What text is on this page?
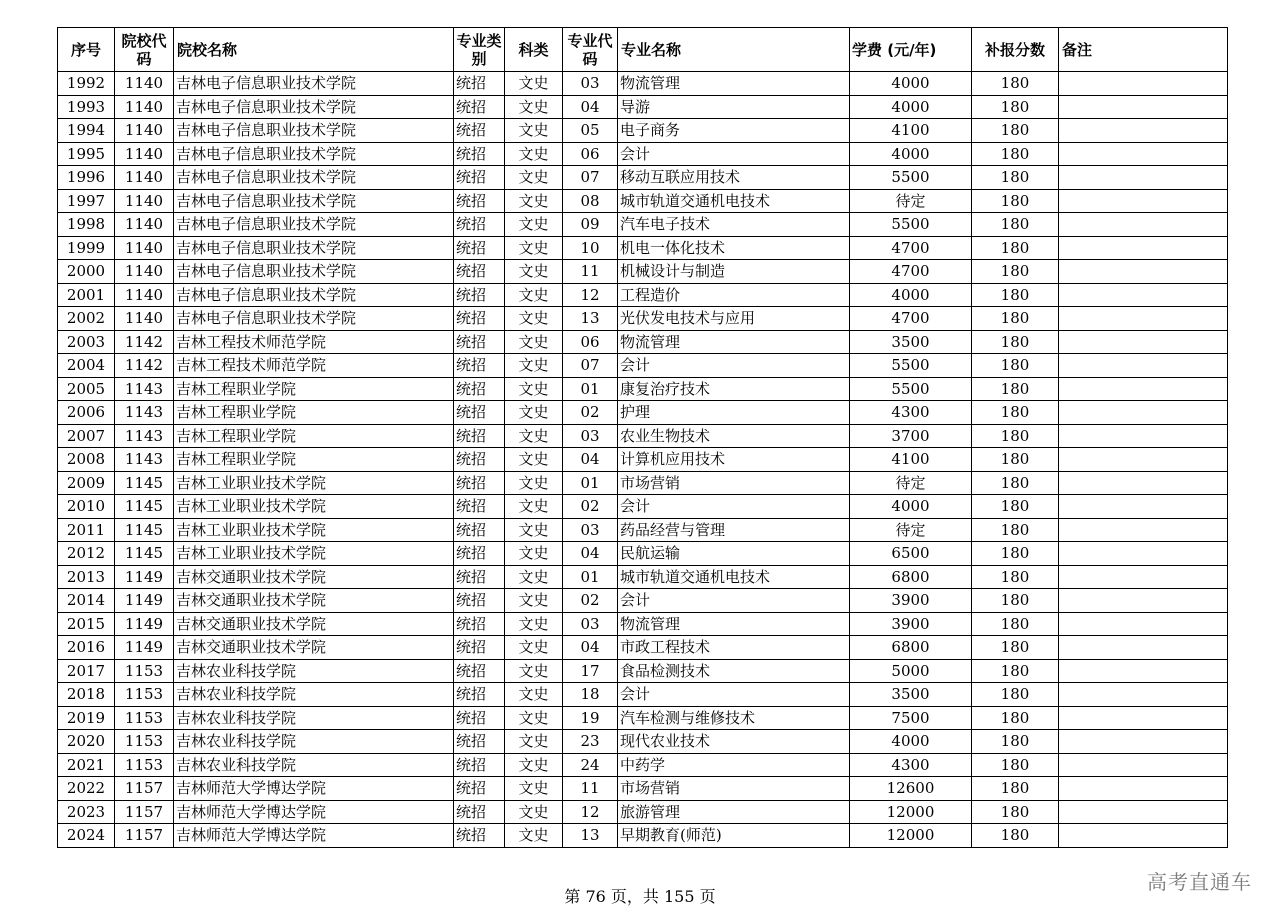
序号	院校代码	院校名称	专业类别	科类	专业代码	专业名称	学费 (元/年)	补报分数	备注
1992	1140	吉林电子信息职业技术学院	统招	文史	03	物流管理	4000	180	
1993	1140	吉林电子信息职业技术学院	统招	文史	04	导游	4000	180	
1994	1140	吉林电子信息职业技术学院	统招	文史	05	电子商务	4100	180	
1995	1140	吉林电子信息职业技术学院	统招	文史	06	会计	4000	180	
1996	1140	吉林电子信息职业技术学院	统招	文史	07	移动互联应用技术	5500	180	
1997	1140	吉林电子信息职业技术学院	统招	文史	08	城市轨道交通机电技术	待定	180	
1998	1140	吉林电子信息职业技术学院	统招	文史	09	汽车电子技术	5500	180	
1999	1140	吉林电子信息职业技术学院	统招	文史	10	机电一体化技术	4700	180	
2000	1140	吉林电子信息职业技术学院	统招	文史	11	机械设计与制造	4700	180	
2001	1140	吉林电子信息职业技术学院	统招	文史	12	工程造价	4000	180	
2002	1140	吉林电子信息职业技术学院	统招	文史	13	光伏发电技术与应用	4700	180	
2003	1142	吉林工程技术师范学院	统招	文史	06	物流管理	3500	180	
2004	1142	吉林工程技术师范学院	统招	文史	07	会计	5500	180	
2005	1143	吉林工程职业学院	统招	文史	01	康复治疗技术	5500	180	
2006	1143	吉林工程职业学院	统招	文史	02	护理	4300	180	
2007	1143	吉林工程职业学院	统招	文史	03	农业生物技术	3700	180	
2008	1143	吉林工程职业学院	统招	文史	04	计算机应用技术	4100	180	
2009	1145	吉林工业职业技术学院	统招	文史	01	市场营销	待定	180	
2010	1145	吉林工业职业技术学院	统招	文史	02	会计	4000	180	
2011	1145	吉林工业职业技术学院	统招	文史	03	药品经营与管理	待定	180	
2012	1145	吉林工业职业技术学院	统招	文史	04	民航运输	6500	180	
2013	1149	吉林交通职业技术学院	统招	文史	01	城市轨道交通机电技术	6800	180	
2014	1149	吉林交通职业技术学院	统招	文史	02	会计	3900	180	
2015	1149	吉林交通职业技术学院	统招	文史	03	物流管理	3900	180	
2016	1149	吉林交通职业技术学院	统招	文史	04	市政工程技术	6800	180	
2017	1153	吉林农业科技学院	统招	文史	17	食品检测技术	5000	180	
2018	1153	吉林农业科技学院	统招	文史	18	会计	3500	180	
2019	1153	吉林农业科技学院	统招	文史	19	汽车检测与维修技术	7500	180	
2020	1153	吉林农业科技学院	统招	文史	23	现代农业技术	4000	180	
2021	1153	吉林农业科技学院	统招	文史	24	中药学	4300	180	
2022	1157	吉林师范大学博达学院	统招	文史	11	市场营销	12600	180	
2023	1157	吉林师范大学博达学院	统招	文史	12	旅游管理	12000	180	
2024	1157	吉林师范大学博达学院	统招	文史	13	早期教育(师范)	12000	180	
第 76 页，共 155 页
高考直通车
